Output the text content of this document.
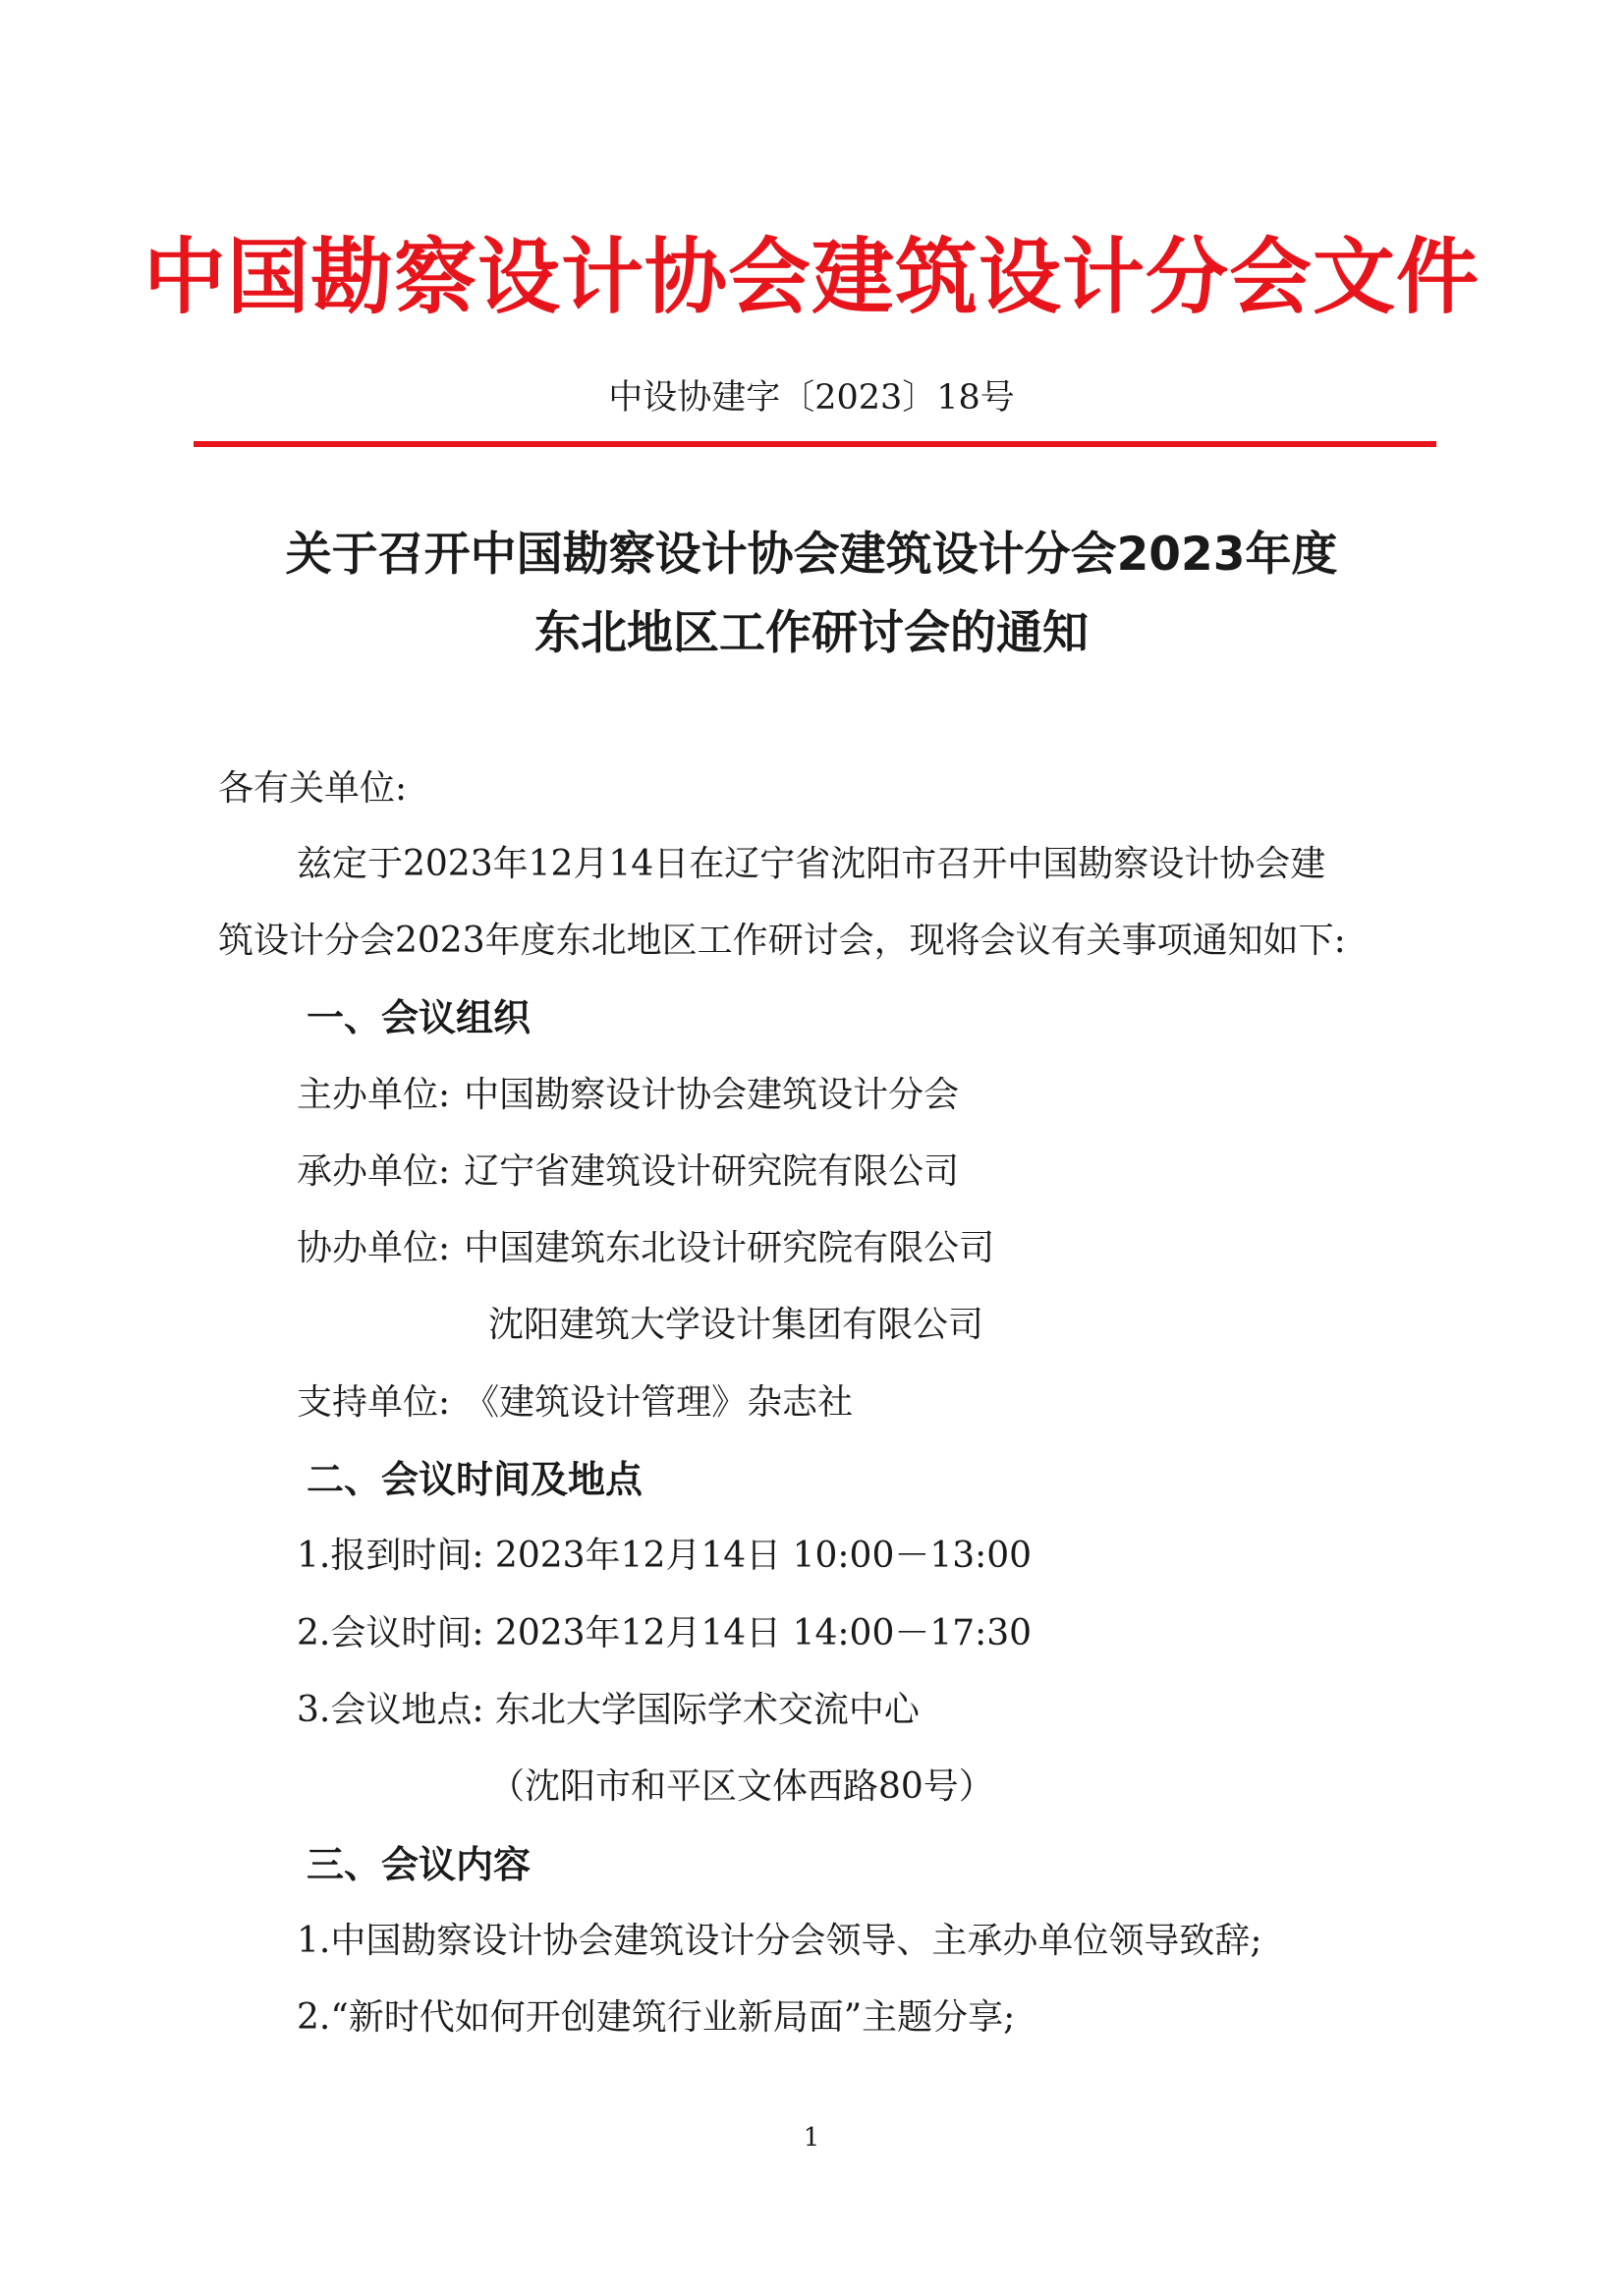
中国勘察设计协会建筑设计分会文件
中设协建字〔2023〕18号
关于召开中国勘察设计协会建筑设计分会2023年度
东北地区工作研讨会的通知
各有关单位:
兹定于2023年12月14日在辽宁省沈阳市召开中国勘察设计协会建
筑设计分会2023年度东北地区工作研讨会，现将会议有关事项通知如下:
一、会议组织
主办单位: 中国勘察设计协会建筑设计分会
承办单位: 辽宁省建筑设计研究院有限公司
协办单位: 中国建筑东北设计研究院有限公司
沈阳建筑大学设计集团有限公司
支持单位: 《建筑设计管理》杂志社
二、会议时间及地点
1.报到时间: 2023年12月14日 10:00－13:00
2.会议时间: 2023年12月14日 14:00－17:30
3.会议地点: 东北大学国际学术交流中心
（沈阳市和平区文体西路80号）
三、会议内容
1.中国勘察设计协会建筑设计分会领导、主承办单位领导致辞;
2.“新时代如何开创建筑行业新局面”主题分享;
1
